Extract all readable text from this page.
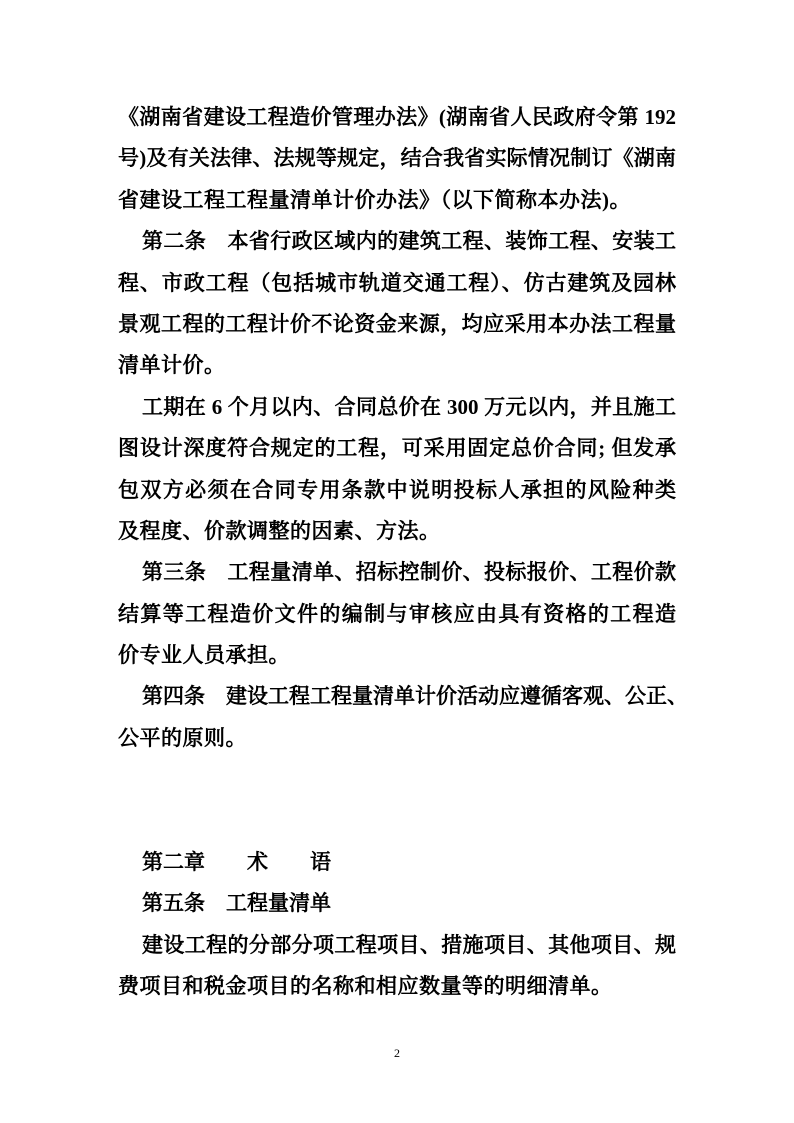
《湖南省建设工程造价管理办法》(湖南省人民政府令第 192
号)及有关法律、法规等规定，结合我省实际情况制订《湖南
省建设工程工程量清单计价办法》（以下简称本办法)。
第二条　本省行政区域内的建筑工程、装饰工程、安装工
程、市政工程（包括城市轨道交通工程）、仿古建筑及园林
景观工程的工程计价不论资金来源，均应采用本办法工程量
清单计价。
工期在 6 个月以内、合同总价在 300 万元以内，并且施工
图设计深度符合规定的工程，可采用固定总价合同; 但发承
包双方必须在合同专用条款中说明投标人承担的风险种类
及程度、价款调整的因素、方法。
第三条　工程量清单、招标控制价、投标报价、工程价款
结算等工程造价文件的编制与审核应由具有资格的工程造
价专业人员承担。
第四条　建设工程工程量清单计价活动应遵循客观、公正、
公平的原则。
第二章　　术　　语
第五条　工程量清单
建设工程的分部分项工程项目、措施项目、其他项目、规
费项目和税金项目的名称和相应数量等的明细清单。
2
